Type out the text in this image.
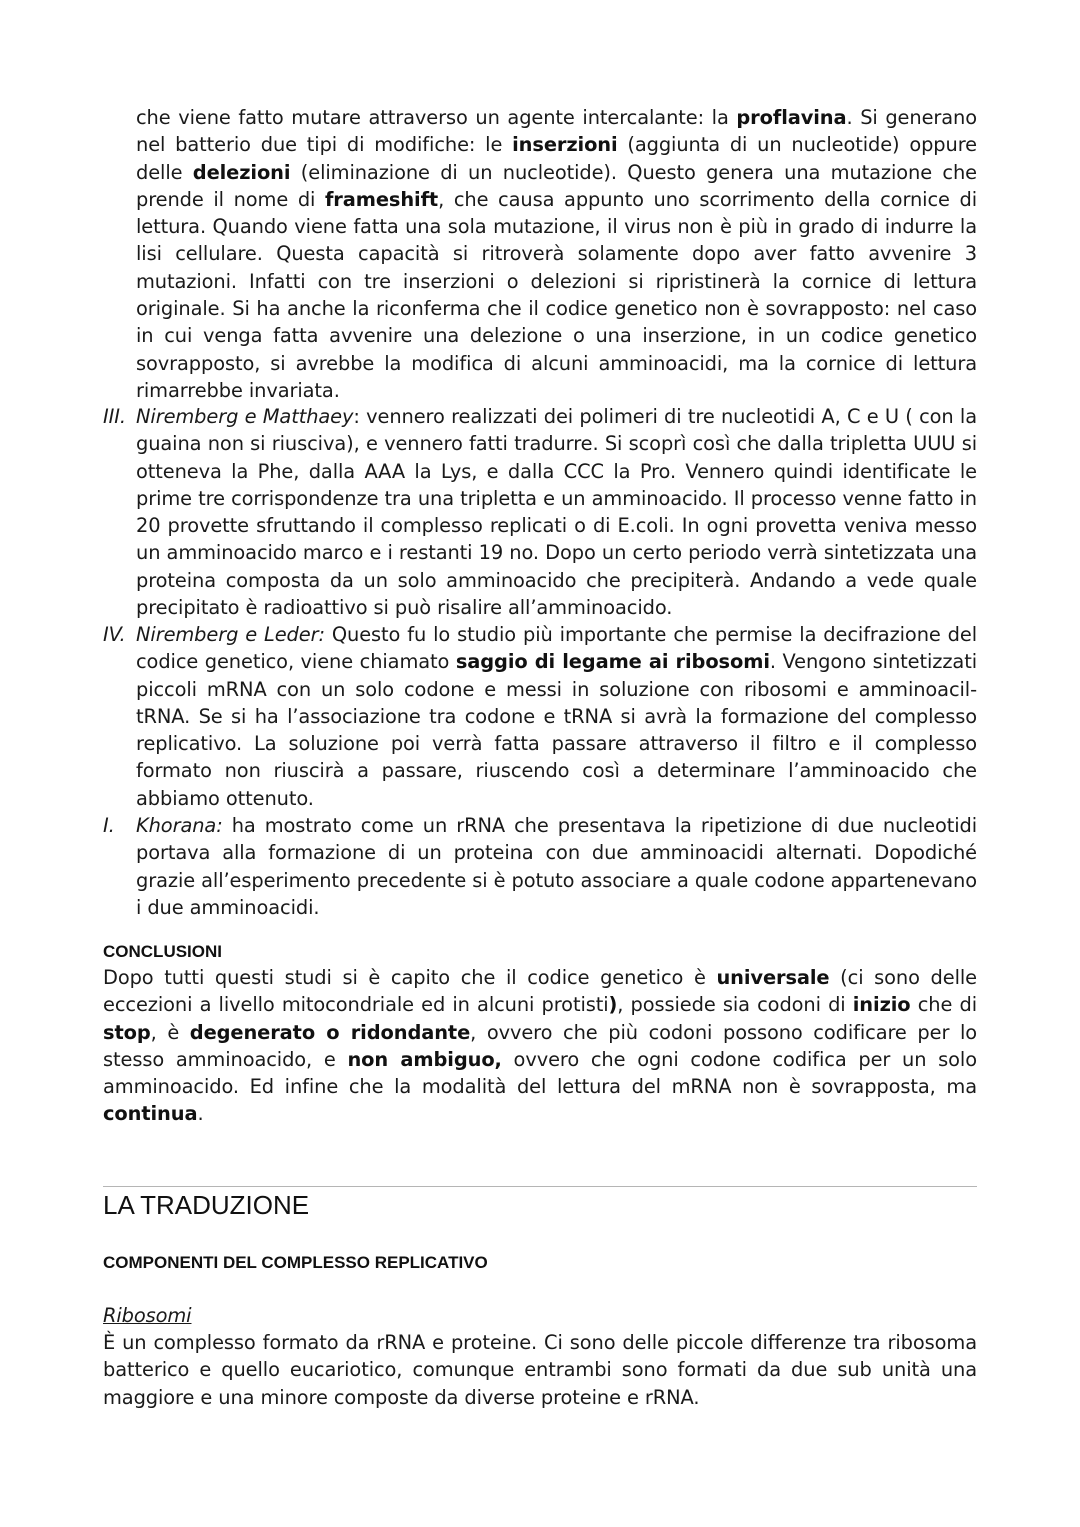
che viene fatto mutare attraverso un agente intercalante: la proflavina. Si generano nel batterio due tipi di modifiche: le inserzioni (aggiunta di un nucleotide) oppure delle delezioni (eliminazione di un nucleotide). Questo genera una mutazione che prende il nome di frameshift, che causa appunto uno scorrimento della cornice di lettura. Quando viene fatta una sola mutazione, il virus non è più in grado di indurre la lisi cellulare. Questa capacità si ritroverà solamente dopo aver fatto avvenire 3 mutazioni. Infatti con tre inserzioni o delezioni si ripristinerà la cornice di lettura originale. Si ha anche la riconferma che il codice genetico non è sovrapposto: nel caso in cui venga fatta avvenire una delezione o una inserzione, in un codice genetico sovrapposto, si avrebbe la modifica di alcuni amminoacidi, ma la cornice di lettura rimarrebbe invariata.

III. Niremberg e Matthaey: vennero realizzati dei polimeri di tre nucleotidi A, C e U ( con la guaina non si riusciva), e vennero fatti tradurre. Si scoprì così che dalla tripletta UUU si otteneva la Phe, dalla AAA la Lys, e dalla CCC la Pro. Vennero quindi identificate le prime tre corrispondenze tra una tripletta e un amminoacido. Il processo venne fatto in 20 provette sfruttando il complesso replicati o di E.coli. In ogni provetta veniva messo un amminoacido marco e i restanti 19 no. Dopo un certo periodo verrà sintetizzata una proteina composta da un solo amminoacido che precipiterà. Andando a vede quale precipitato è radioattivo si può risalire all’amminoacido.

IV. Niremberg e Leder: Questo fu lo studio più importante che permise la decifrazione del codice genetico, viene chiamato saggio di legame ai ribosomi. Vengono sintetizzati piccoli mRNA con un solo codone e messi in soluzione con ribosomi e amminoacil-tRNA. Se si ha l’associazione tra codone e tRNA si avrà la formazione del complesso replicativo. La soluzione poi verrà fatta passare attraverso il filtro e il complesso formato non riuscirà a passare, riuscendo così a determinare l’amminoacido che abbiamo ottenuto.

I. Khorana: ha mostrato come un rRNA che presentava la ripetizione di due nucleotidi portava alla formazione di un proteina con due amminoacidi alternati. Dopodiché grazie all’esperimento precedente si è potuto associare a quale codone appartenevano i due amminoacidi.

CONCLUSIONI

Dopo tutti questi studi si è capito che il codice genetico è universale (ci sono delle eccezioni a livello mitocondriale ed in alcuni protisti), possiede sia codoni di inizio che di stop, è degenerato o ridondante, ovvero che più codoni possono codificare per lo stesso amminoacido, e non ambiguo, ovvero che ogni codone codifica per un solo amminoacido. Ed infine che la modalità del lettura del mRNA non è sovrapposta, ma continua.

LA TRADUZIONE
COMPONENTI DEL COMPLESSO REPLICATIVO
Ribosomi

È un complesso formato da rRNA e proteine. Ci sono delle piccole differenze tra ribosoma batterico e quello eucariotico, comunque entrambi sono formati da due sub unità una maggiore e una minore composte da diverse proteine e rRNA.
